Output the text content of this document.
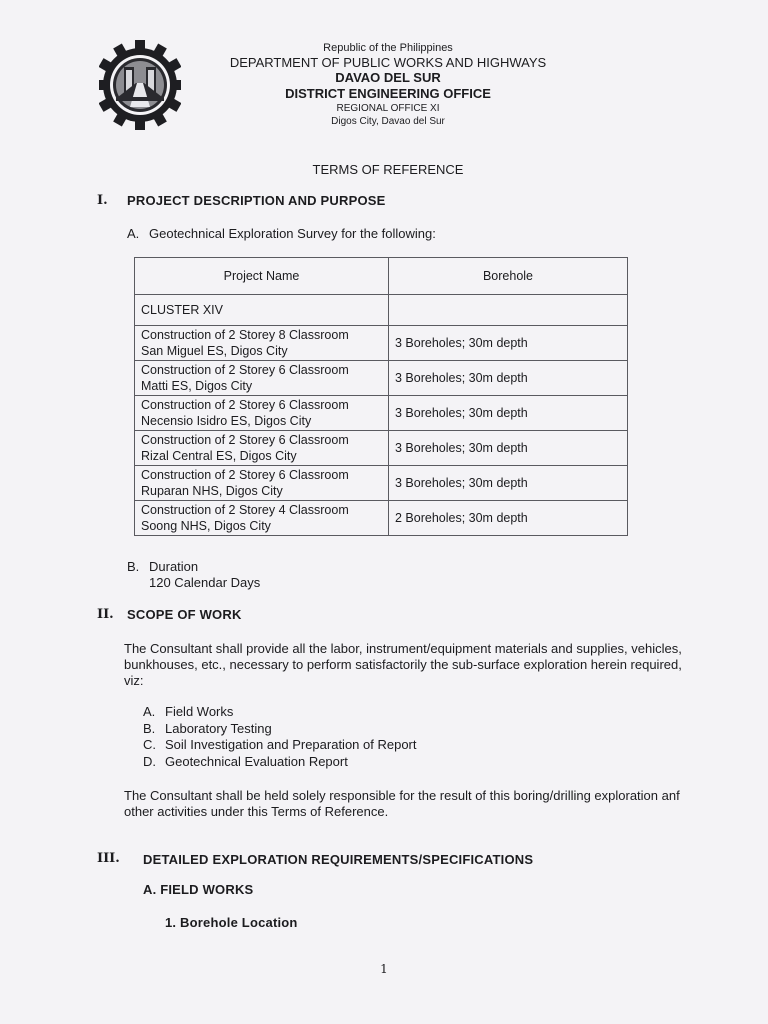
Republic of the Philippines
DEPARTMENT OF PUBLIC WORKS AND HIGHWAYS
DAVAO DEL SUR
DISTRICT ENGINEERING OFFICE
REGIONAL OFFICE XI
Digos City, Davao del Sur
TERMS OF REFERENCE
I. PROJECT DESCRIPTION AND PURPOSE
A. Geotechnical Exploration Survey for the following:
Project Name	Borehole
CLUSTER XIV	

Construction of 2 Storey 8 Classroom
San Miguel ES, Digos City	3 Boreholes; 30m depth

Construction of 2 Storey 6 Classroom
Matti ES, Digos City	3 Boreholes; 30m depth

Construction of 2 Storey 6 Classroom
Necensio Isidro ES, Digos City	3 Boreholes; 30m depth

Construction of 2 Storey 6 Classroom
Rizal Central ES, Digos City	3 Boreholes; 30m depth

Construction of 2 Storey 6 Classroom
Ruparan NHS, Digos City	3 Boreholes; 30m depth

Construction of 2 Storey 4 Classroom
Soong NHS, Digos City	2 Boreholes; 30m depth
B. Duration
120 Calendar Days
II. SCOPE OF WORK
The Consultant shall provide all the labor, instrument/equipment materials and supplies, vehicles, bunkhouses, etc., necessary to perform satisfactorily the sub-surface exploration herein required, viz:
A. Field Works
B. Laboratory Testing
C. Soil Investigation and Preparation of Report
D. Geotechnical Evaluation Report
The Consultant shall be held solely responsible for the result of this boring/drilling exploration anf other activities under this Terms of Reference.
III. DETAILED EXPLORATION REQUIREMENTS/SPECIFICATIONS
A. FIELD WORKS
1. Borehole Location
1
